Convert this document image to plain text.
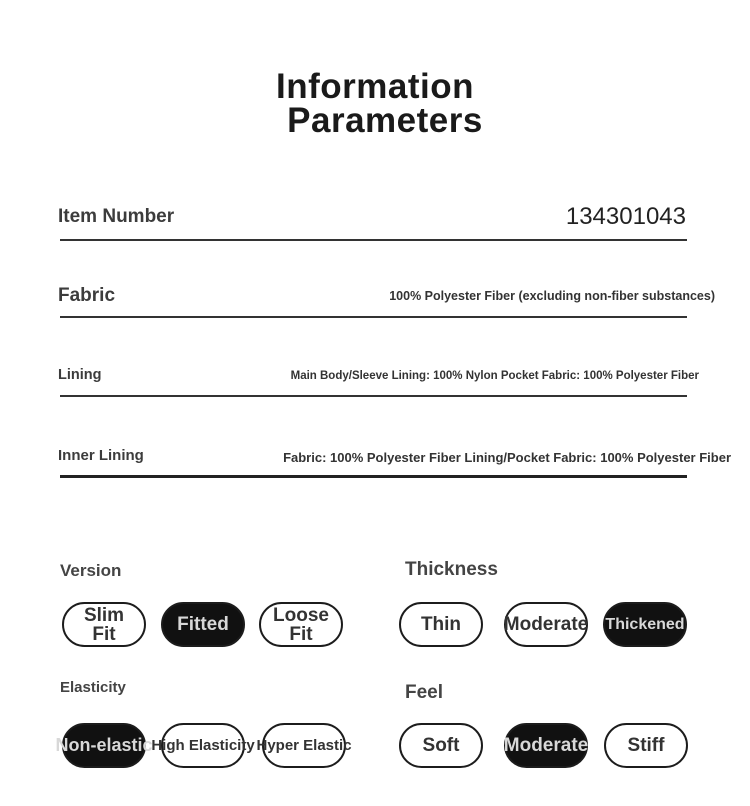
Information
Parameters
Item Number	134301043
Fabric	100% Polyester Fiber (excluding non-fiber substances)
Lining	Main Body/Sleeve Lining: 100% Nylon Pocket Fabric: 100% Polyester Fiber
Inner Lining	Fabric: 100% Polyester Fiber Lining/Pocket Fabric: 100% Polyester Fiber
Version
Slim Fit	Fitted	Loose Fit
Thickness
Thin Moderate Thickened
Elasticity
Non-elastic
High Elasticity Hyper Elastic
Feel
Soft Moderate Stiff
